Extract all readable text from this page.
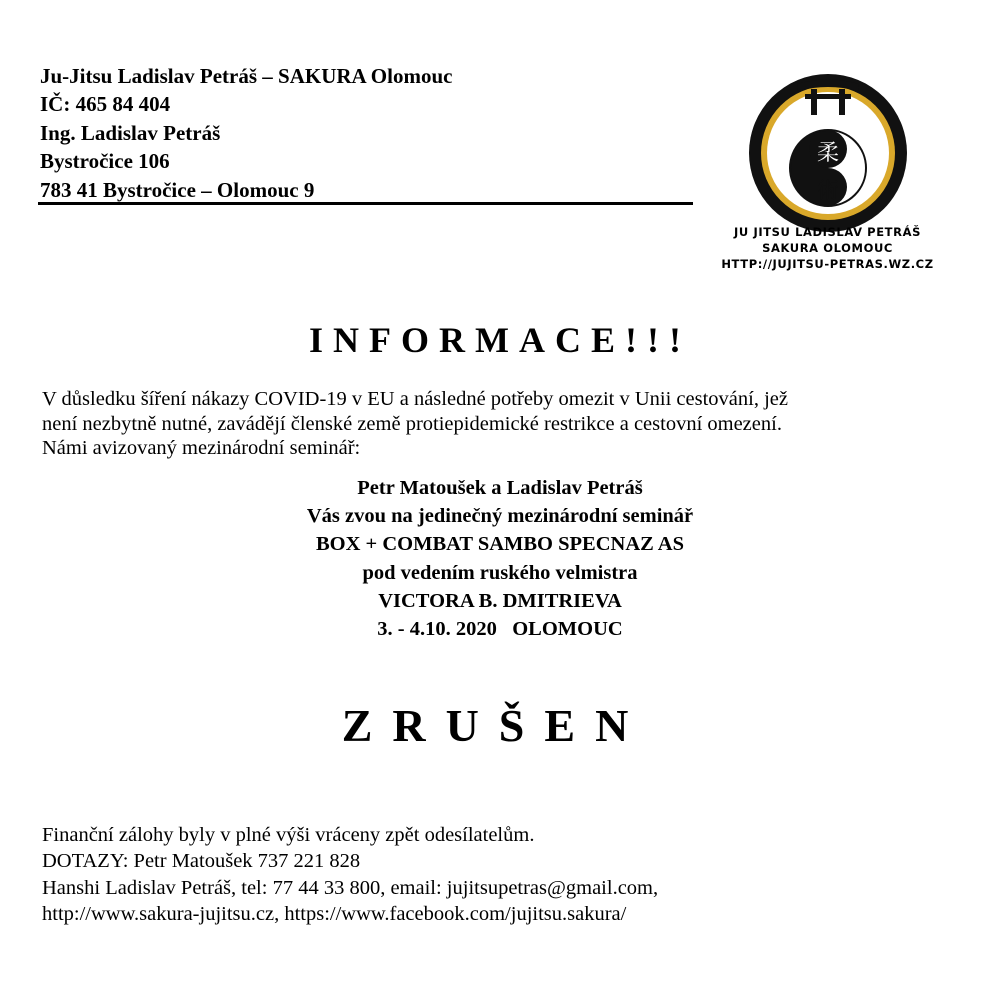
Ju-Jitsu Ladislav Petráš – SAKURA Olomouc
IČ: 465 84 404
Ing. Ladislav Petráš
Bystročice 106
783 41 Bystročice – Olomouc 9
柔
術
JU JITSU LADISLAV PETRÁŠ
SAKURA OLOMOUC
HTTP://JUJITSU-PETRAS.WZ.CZ
INFORMACE!!!
V důsledku šíření nákazy COVID-19 v EU a následné potřeby omezit v Unii cestování, jež
není nezbytně nutné, zavádějí členské země protiepidemické restrikce a cestovní omezení.
Námi avizovaný mezinárodní seminář:
Petr Matoušek a Ladislav Petráš
Vás zvou na jedinečný mezinárodní seminář
BOX + COMBAT SAMBO SPECNAZ AS
pod vedením ruského velmistra
VICTORA B. DMITRIEVA
3. - 4.10. 2020   OLOMOUC
ZRUŠEN
Finanční zálohy byly v plné výši vráceny zpět odesílatelům.
DOTAZY: Petr Matoušek 737 221 828
Hanshi Ladislav Petráš, tel: 77 44 33 800, email: jujitsupetras@gmail.com,
http://www.sakura-jujitsu.cz, https://www.facebook.com/jujitsu.sakura/
